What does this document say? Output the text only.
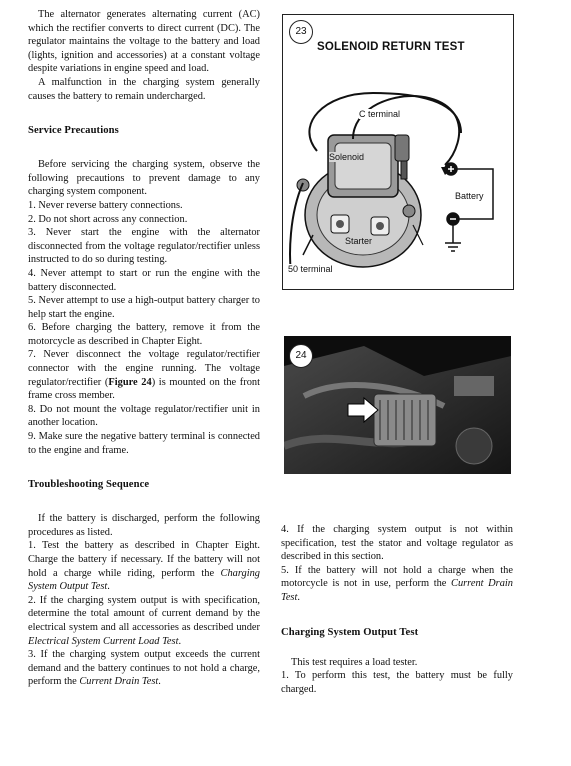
The alternator generates alternating current (AC) which the rectifier converts to direct current (DC). The regulator maintains the voltage to the battery and load (lights, ignition and accessories) at a constant voltage despite variations in engine speed and load.

A malfunction in the charging system generally causes the battery to remain undercharged.

Service Precautions

Before servicing the charging system, observe the following precautions to prevent damage to any charging system component.

1. Never reverse battery connections.

2. Do not short across any connection.

3. Never start the engine with the alternator disconnected from the voltage regulator/rectifier unless instructed to do so during testing.

4. Never attempt to start or run the engine with the battery disconnected.

5. Never attempt to use a high-output battery charger to help start the engine.

6. Before charging the battery, remove it from the motorcycle as described in Chapter Eight.

7. Never disconnect the voltage regulator/rectifier connector with the engine running. The voltage regulator/rectifier (Figure 24) is mounted on the front frame cross member.

8. Do not mount the voltage regulator/rectifier unit in another location.

9. Make sure the negative battery terminal is connected to the engine and frame.

Troubleshooting Sequence

If the battery is discharged, perform the following procedures as listed.

1. Test the battery as described in Chapter Eight. Charge the battery if necessary. If the battery will not hold a charge while riding, perform the Charging System Output Test.

2. If the charging system output is with specification, determine the total amount of current demand by the electrical system and all accessories as described under Electrical System Current Load Test.

3. If the charging system output exceeds the current demand and the battery continues to not hold a charge, perform the Current Drain Test.

23
SOLENOID RETURN TEST
C terminal
Solenoid
Battery
Starter
50 terminal
24

4. If the charging system output is not within specification, test the stator and voltage regulator as described in this section.

5. If the battery will not hold a charge when the motorcycle is not in use, perform the Current Drain Test.

Charging System Output Test

This test requires a load tester.

1. To perform this test, the battery must be fully charged.
